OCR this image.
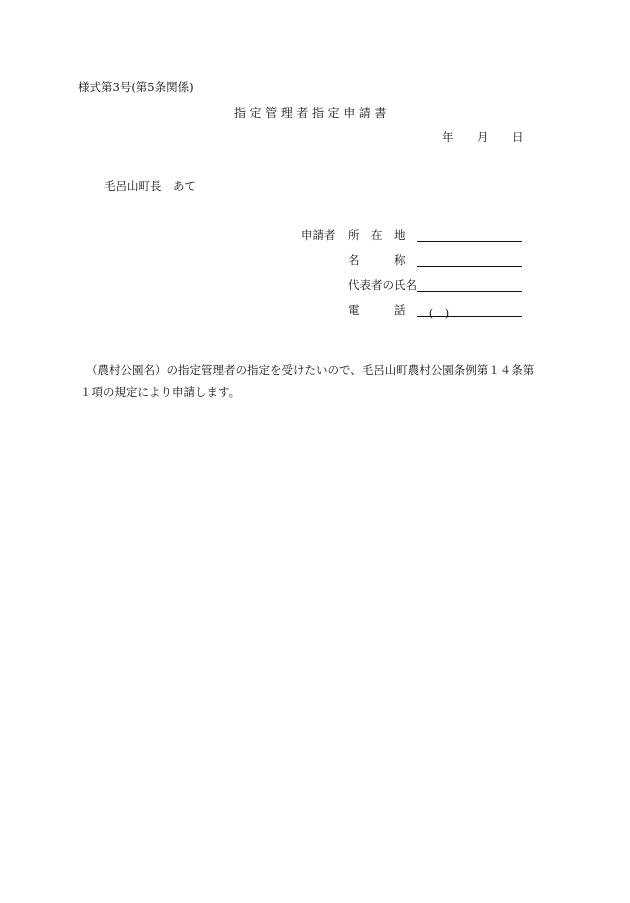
様式第3号(第5条関係)
指定管理者指定申請書
年 月 日
毛呂山町長　あて
申請者 所　在　地
名　　　称
代表者の氏名
電　　　話	(　)
（農村公園名）の指定管理者の指定を受けたいので、毛呂山町農村公園条例第１４条第
１項の規定により申請します。
